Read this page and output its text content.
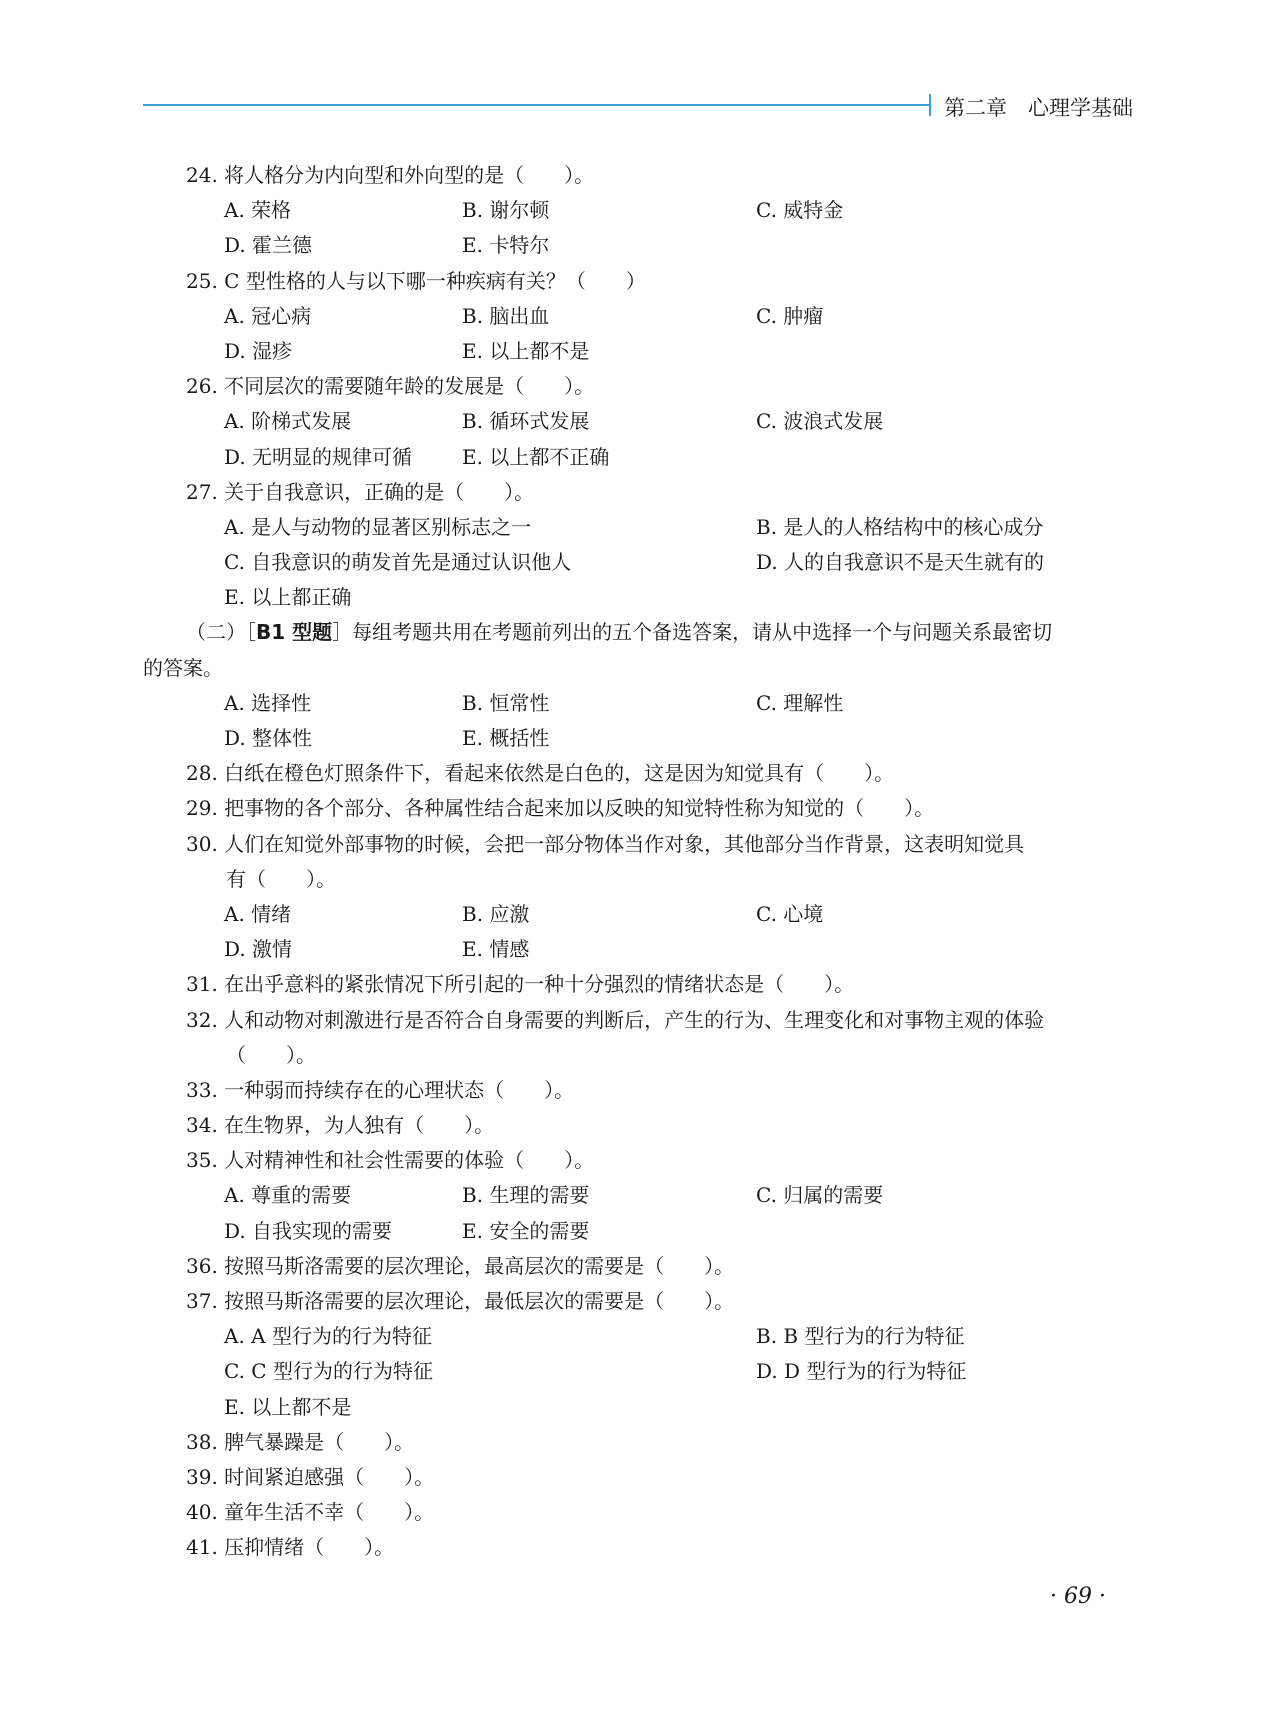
第二章　心理学基础
24. 将人格分为内向型和外向型的是（　　）。
A. 荣格	B. 谢尔顿	C. 威特金
D. 霍兰德	E. 卡特尔
25. C 型性格的人与以下哪一种疾病有关？（　　）
A. 冠心病	B. 脑出血	C. 肿瘤
D. 湿疹	E. 以上都不是
26. 不同层次的需要随年龄的发展是（　　）。
A. 阶梯式发展	B. 循环式发展	C. 波浪式发展
D. 无明显的规律可循 E. 以上都不正确
27. 关于自我意识，正确的是（　　）。
A. 是人与动物的显著区别标志之一	B. 是人的人格结构中的核心成分
C. 自我意识的萌发首先是通过认识他人	D. 人的自我意识不是天生就有的
E. 以上都正确
（二）［B1 型题］每组考题共用在考题前列出的五个备选答案，请从中选择一个与问题关系最密切
的答案。
A. 选择性	B. 恒常性	C. 理解性
D. 整体性	E. 概括性
28. 白纸在橙色灯照条件下，看起来依然是白色的，这是因为知觉具有（　　）。
29. 把事物的各个部分、各种属性结合起来加以反映的知觉特性称为知觉的（　　）。
30. 人们在知觉外部事物的时候，会把一部分物体当作对象，其他部分当作背景，这表明知觉具
有（　　）。
A. 情绪	B. 应激	C. 心境
D. 激情	E. 情感
31. 在出乎意料的紧张情况下所引起的一种十分强烈的情绪状态是（　　）。
32. 人和动物对刺激进行是否符合自身需要的判断后，产生的行为、生理变化和对事物主观的体验
（　　）。
33. 一种弱而持续存在的心理状态（　　）。
34. 在生物界，为人独有（　　）。
35. 人对精神性和社会性需要的体验（　　）。
A. 尊重的需要	B. 生理的需要	C. 归属的需要
D. 自我实现的需要	E. 安全的需要
36. 按照马斯洛需要的层次理论，最高层次的需要是（　　）。
37. 按照马斯洛需要的层次理论，最低层次的需要是（　　）。
A. A 型行为的行为特征	B. B 型行为的行为特征
C. C 型行为的行为特征	D. D 型行为的行为特征
E. 以上都不是
38. 脾气暴躁是（　　）。
39. 时间紧迫感强（　　）。
40. 童年生活不幸（　　）。
41. 压抑情绪（　　）。
· 69 ·
